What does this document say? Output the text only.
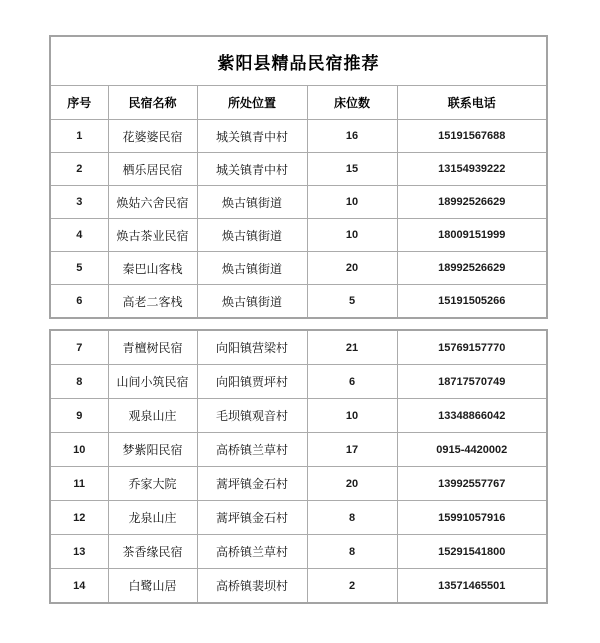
紫阳县精品民宿推荐				
序号	民宿名称	所处位置	床位数	联系电话
1	花婆婆民宿	城关镇青中村	16	15191567688
2	栖乐居民宿	城关镇青中村	15	13154939222
3	焕姑六舍民宿	焕古镇街道	10	18992526629
4	焕古茶业民宿	焕古镇街道	10	18009151999
5	秦巴山客栈	焕古镇街道	20	18992526629
6	高老二客栈	焕古镇街道	5	15191505266
7	青檀树民宿	向阳镇营梁村	21	15769157770
8	山间小筑民宿	向阳镇贾坪村	6	18717570749
9	观泉山庄	毛坝镇观音村	10	13348866042
10	梦紫阳民宿	高桥镇兰草村	17	0915-4420002
11	乔家大院	蒿坪镇金石村	20	13992557767
12	龙泉山庄	蒿坪镇金石村	8	15991057916
13	茶香缘民宿	高桥镇兰草村	8	15291541800
14	白鹭山居	高桥镇裴坝村	2	13571465501
